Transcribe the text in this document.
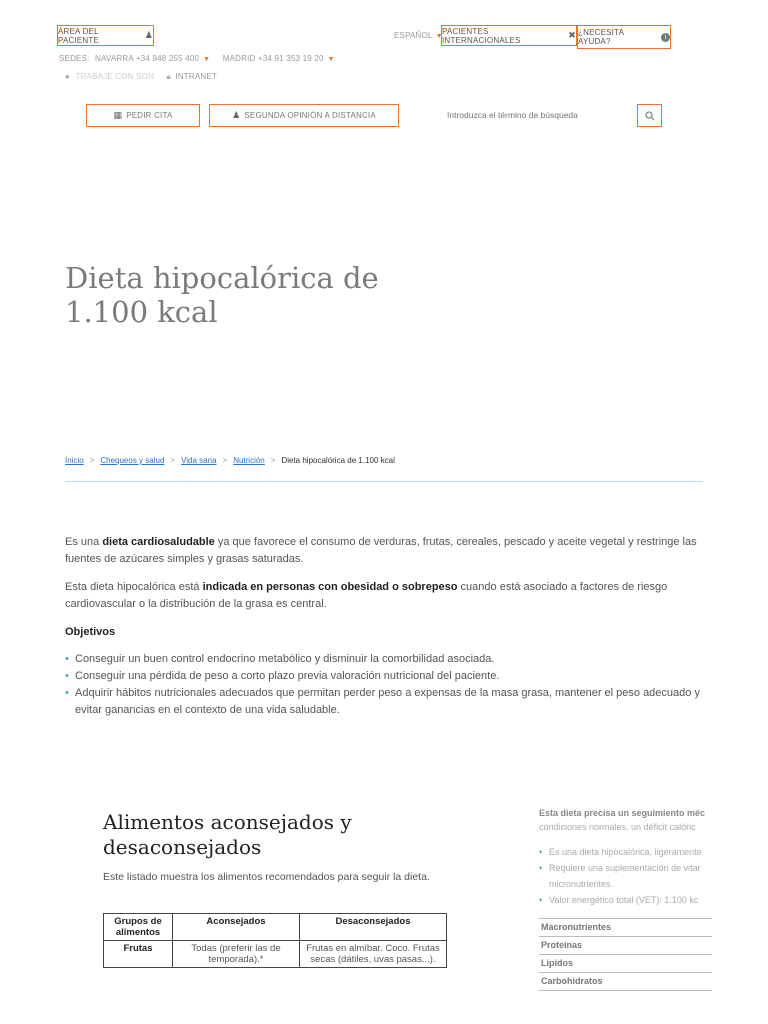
ÁREA DEL PACIENTE	♟	ESPAÑOL ▼
PACIENTES INTERNACIONALES	✖ ¿NECESITA AYUDA?	i
SEDES: NAVARRA +34 948 255 400 ▼ MADRID +34 91 353 19 20 ▼
● TRABAJE CON SON 🔒︎ INTRANET
▦ PEDIR CITA	♟ SEGUNDA OPINIÓN A DISTANCIA
Introduzca el término de búsqueda
Dieta hipocalórica de
1.100 kcal
Inicio > Chequeos y salud > Vida sana > Nutrición > Dieta hipocalórica de 1.100 kcal
Es una dieta cardiosaludable ya que favorece el consumo de verduras, frutas, cereales, pescado y aceite vegetal y restringe las fuentes de azúcares simples y grasas saturadas.
Esta dieta hipocalórica está indicada en personas con obesidad o sobrepeso cuando está asociado a factores de riesgo cardiovascular o la distribución de la grasa es central.
Objetivos
• Conseguir un buen control endocrino metabólico y disminuir la comorbilidad asociada.
• Conseguir una pérdida de peso a corto plazo previa valoración nutricional del paciente.
• Adquirir hábitos nutricionales adecuados que permitan perder peso a expensas de la masa grasa, mantener el peso adecuado y evitar ganancias en el contexto de una vida saludable.
Alimentos aconsejados y
desaconsejados
Este listado muestra los alimentos recomendados para seguir la dieta.
Grupos de alimentos	Aconsejados	Desaconsejados
Frutas	Todas (preferir las de temporada).*	Frutas en almíbar. Coco. Frutas secas (dátiles, uvas pasas...).
Esta dieta precisa un seguimiento méc
condiciones normales, un déficit calóric
• Es una dieta hipocalórica, ligeramente
• Requiere una suplementación de vitar
micronutrientes.
• Valor energético total (VET): 1.100 kc
Macronutrientes
Proteínas
Lípidos
Carbohidratos
